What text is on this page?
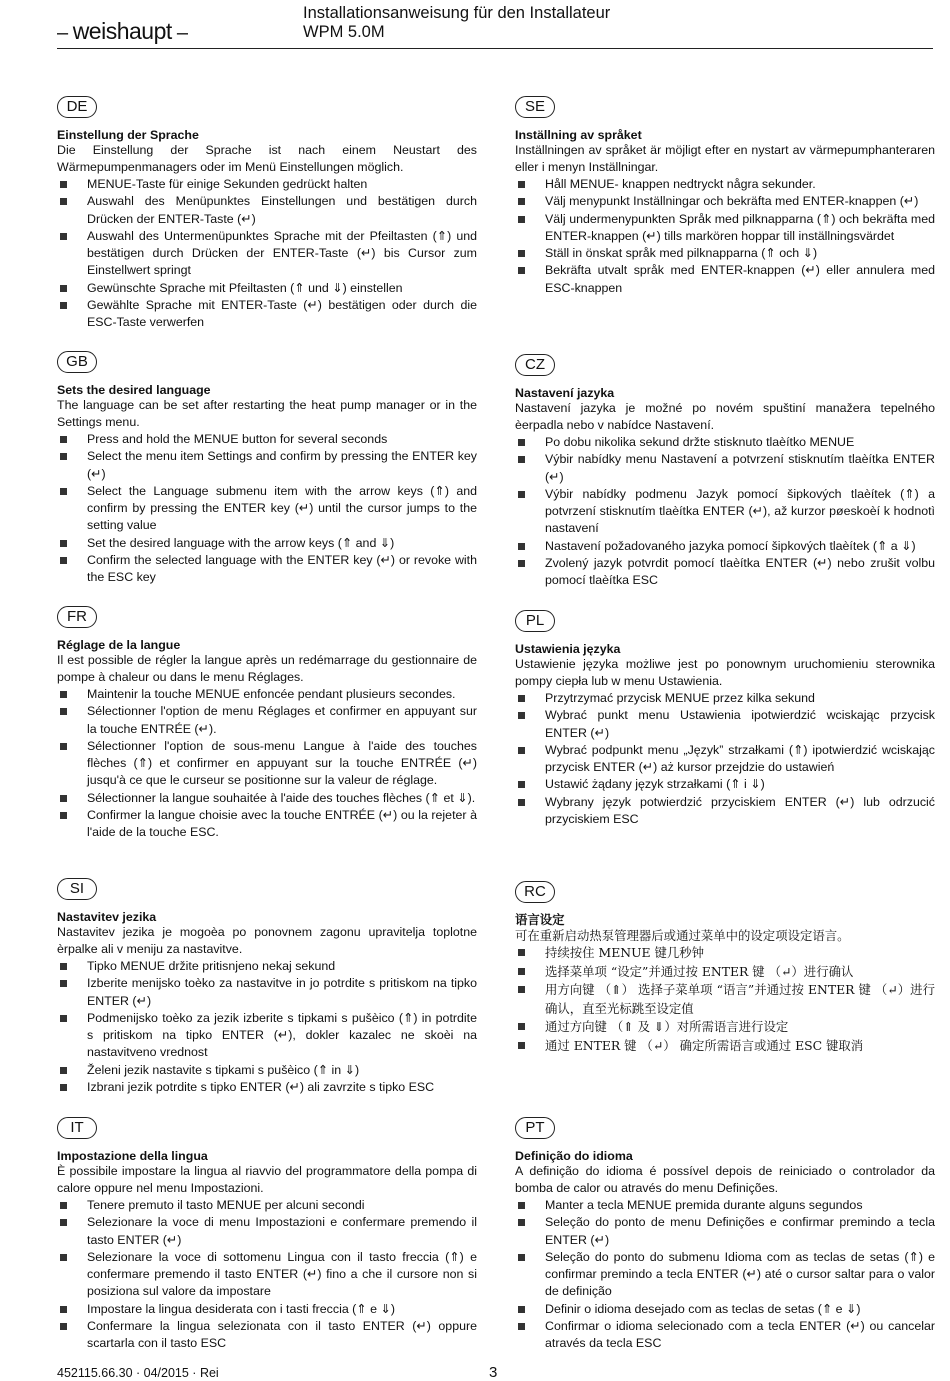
– weishaupt –
Installationsanweisung für den Installateur
WPM 5.0M
DE
Einstellung der Sprache
Die Einstellung der Sprache ist nach einem Neustart des Wärmepumpenmanagers oder im Menü Einstellungen möglich.
MENUE-Taste für einige Sekunden gedrückt halten
Auswahl des Menüpunktes Einstellungen und bestätigen durch Drücken der ENTER-Taste (↵)
Auswahl des Untermenüpunktes Sprache mit der Pfeiltasten (⇑) und bestätigen durch Drücken der ENTER-Taste (↵) bis Cursor zum Einstellwert springt
Gewünschte Sprache mit Pfeiltasten (⇑ und ⇓) einstellen
Gewählte Sprache mit ENTER-Taste (↵) bestätigen oder durch die ESC-Taste verwerfen
SE
Inställning av språket
Inställningen av språket är möjligt efter en nystart av värmepumphanteraren eller i menyn Inställningar.
Håll MENUE- knappen nedtryckt några sekunder.
Välj menypunkt Inställningar och bekräfta med ENTER-knappen (↵)
Välj undermenypunkten Språk med pilknapparna (⇑) och bekräfta med ENTER-knappen (↵) tills markören hoppar till inställningsvärdet
Ställ in önskat språk med pilknapparna (⇑ och ⇓)
Bekräfta utvalt språk med ENTER-knappen (↵) eller annulera med ESC-knappen
GB
Sets the desired language
The language can be set after restarting the heat pump manager or in the Settings menu.
Press and hold the MENUE button for several seconds
Select the menu item Settings and confirm by pressing the ENTER key (↵)
Select the Language submenu item with the arrow keys (⇑) and confirm by pressing the ENTER key (↵) until the cursor jumps to the setting value
Set the desired language with the arrow keys (⇑ and ⇓)
Confirm the selected language with the ENTER key (↵) or revoke with the ESC key
CZ
Nastavení jazyka
Nastavení jazyka je možné po novém spuštiní manažera tepelného èerpadla nebo v nabídce Nastavení.
Po dobu nikolika sekund držte stisknuto tlaèítko MENUE
Výbir nabídky menu Nastavení a potvrzení stisknutím tlaèítka ENTER (↵)
Výbir nabídky podmenu Jazyk pomocí šipkových tlaèítek (⇑) a potvrzení stisknutím tlaèítka ENTER (↵), až kurzor pøeskoèí k hodnotì nastavení
Nastavení požadovaného jazyka pomocí šipkových tlaèítek (⇑ a ⇓)
Zvolený jazyk potvrdit pomocí tlaèítka ENTER (↵) nebo zrušit volbu pomocí tlaèítka ESC
FR
Réglage de la langue
Il est possible de régler la langue après un redémarrage du gestionnaire de pompe à chaleur ou dans le menu Réglages.
Maintenir la touche MENUE enfoncée pendant plusieurs secondes.
Sélectionner l'option de menu Réglages et confirmer en appuyant sur la touche ENTRÉE (↵).
Sélectionner l'option de sous-menu Langue à l'aide des touches flèches (⇑) et confirmer en appuyant sur la touche ENTRÉE (↵) jusqu'à ce que le curseur se positionne sur la valeur de réglage.
Sélectionner la langue souhaitée à l'aide des touches flèches (⇑ et ⇓).
Confirmer la langue choisie avec la touche ENTRÉE (↵) ou la rejeter à l'aide de la touche ESC.
PL
Ustawienia języka
Ustawienie języka możliwe jest po ponownym uruchomieniu sterownika pompy ciepła lub w menu Ustawienia.
Przytrzymać przycisk MENUE przez kilka sekund
Wybrać punkt menu Ustawienia ipotwierdzić wciskając przycisk ENTER (↵)
Wybrać podpunkt menu „Język” strzałkami (⇑) ipotwierdzić wciskając przycisk ENTER (↵) aż kursor przejdzie do ustawień
Ustawić żądany język strzałkami (⇑ i ⇓)
Wybrany język potwierdzić przyciskiem ENTER (↵) lub odrzucić przyciskiem ESC
SI
Nastavitev jezika
Nastavitev jezika je mogoèa po ponovnem zagonu upravitelja toplotne èrpalke ali v meniju za nastavitve.
Tipko MENUE držite pritisnjeno nekaj sekund
Izberite menijsko toèko za nastavitve in jo potrdite s pritiskom na tipko ENTER (↵)
Podmenijsko toèko za jezik izberite s tipkami s pušèico (⇑) in potrdite s pritiskom na tipko ENTER (↵), dokler kazalec ne skoèi na nastavitveno vrednost
Želeni jezik nastavite s tipkami s pušèico (⇑ in ⇓)
Izbrani jezik potrdite s tipko ENTER (↵) ali zavrzite s tipko ESC
RC
语言设定
可在重新启动热泵管理器后或通过菜单中的设定项设定语言。
持续按住 MENUE 键几秒钟
选择菜单项 “设定”并通过按 ENTER 键 （↵）进行确认
用方向键 （⇑） 选择子菜单项 “语言”并通过按 ENTER 键 （↵）进行确认，直至光标跳至设定值
通过方向键 （⇑ 及 ⇓）对所需语言进行设定
通过 ENTER 键 （↵） 确定所需语言或通过 ESC 键取消
IT
Impostazione della lingua
È possibile impostare la lingua al riavvio del programmatore della pompa di calore oppure nel menu Impostazioni.
Tenere premuto il tasto MENUE per alcuni secondi
Selezionare la voce di menu Impostazioni e confermare premendo il tasto ENTER (↵)
Selezionare la voce di sottomenu Lingua con il tasto freccia (⇑) e confermare premendo il tasto ENTER (↵) fino a che il cursore non si posiziona sul valore da impostare
Impostare la lingua desiderata con i tasti freccia (⇑ e ⇓)
Confermare la lingua selezionata con il tasto ENTER (↵) oppure scartarla con il tasto ESC
PT
Definição do idioma
A definição do idioma é possível depois de reiniciado o controlador da bomba de calor ou através do menu Definições.
Manter a tecla MENUE premida durante alguns segundos
Seleção do ponto de menu Definições e confirmar premindo a tecla ENTER (↵)
Seleção do ponto do submenu Idioma com as teclas de setas (⇑) e confirmar premindo a tecla ENTER (↵) até o cursor saltar para o valor de definição
Definir o idioma desejado com as teclas de setas (⇑ e ⇓)
Confirmar o idioma selecionado com a tecla ENTER (↵) ou cancelar através da tecla ESC
452115.66.30 · 04/2015 · Rei	3
